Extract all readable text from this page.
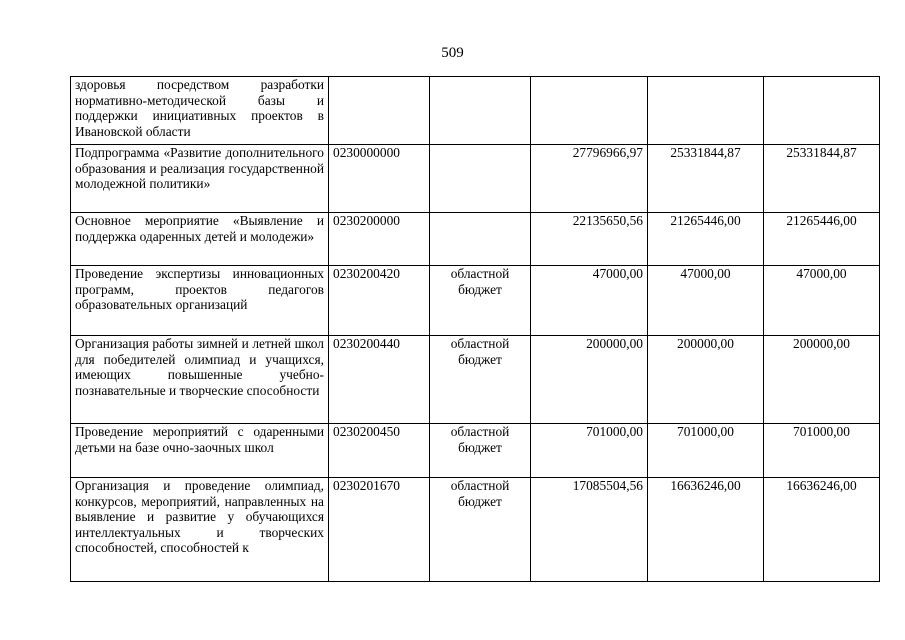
509
здоровья посредством разработки нормативно-методической базы и поддержки инициативных проектов в Ивановской области					

Подпрограмма «Развитие дополнительного образования и реализация государственной молодежной политики»	0230000000		27796966,97	25331844,87	25331844,87

Основное мероприятие «Выявление и поддержка одаренных детей и молодежи»	0230200000		22135650,56	21265446,00	21265446,00

Проведение экспертизы инновационных программ, проектов педагогов образовательных организаций	0230200420	областной бюджет	47000,00	47000,00	47000,00

Организация работы зимней и летней школ для победителей олимпиад и учащихся, имеющих повышенные учебно-познавательные и творческие способности	0230200440	областной бюджет	200000,00	200000,00	200000,00

Проведение мероприятий с одаренными детьми на базе очно-заочных школ	0230200450	областной бюджет	701000,00	701000,00	701000,00

Организация и проведение олимпиад, конкурсов, мероприятий, направленных на выявление и развитие у обучающихся интеллектуальных и творческих способностей, способностей к	0230201670	областной бюджет	17085504,56	16636246,00	16636246,00
